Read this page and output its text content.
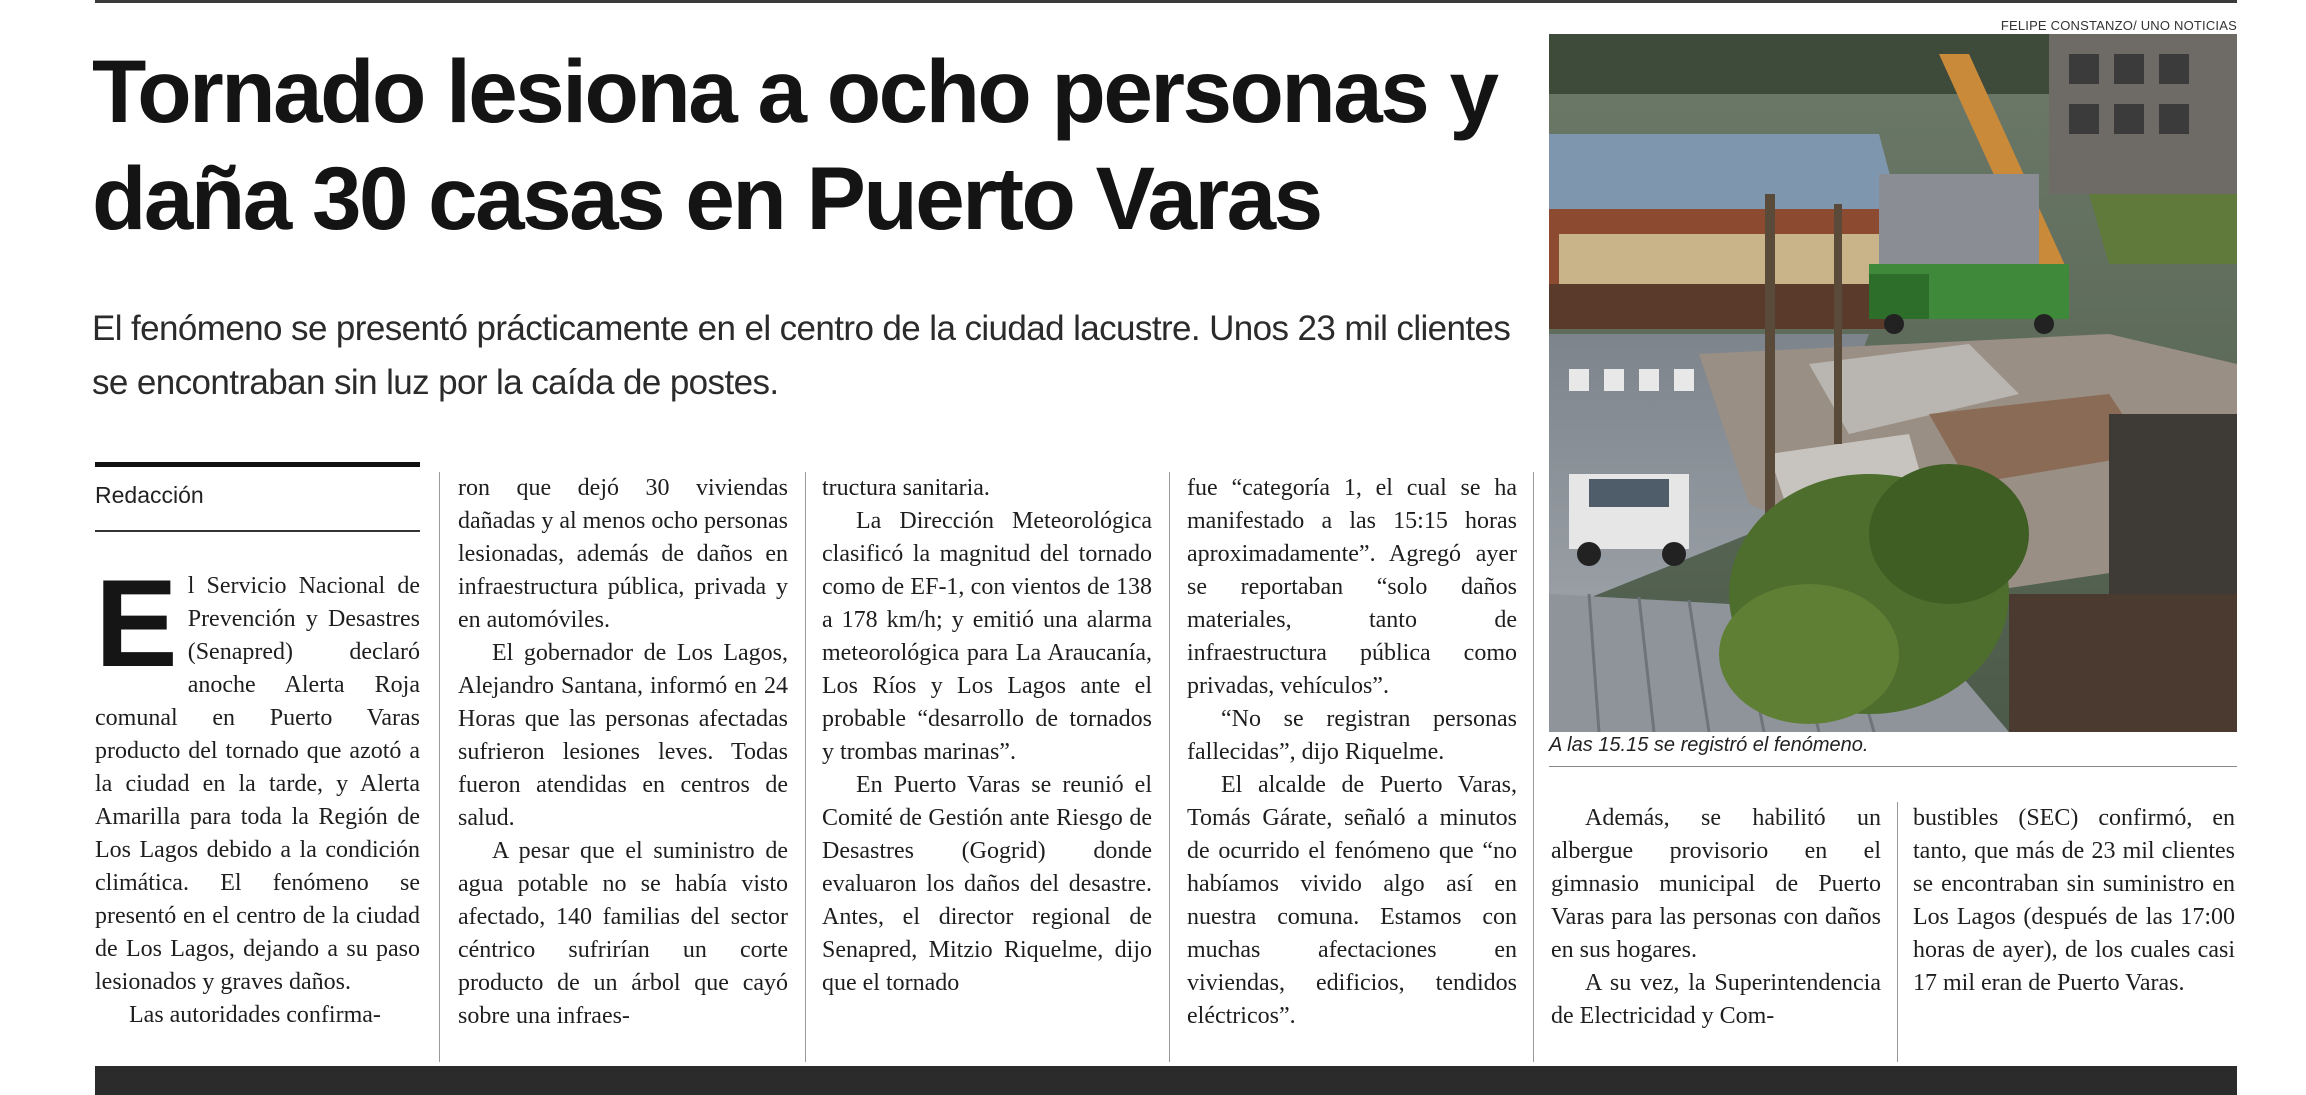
Tornado lesiona a ocho personas y daña 30 casas en Puerto Varas
El fenómeno se presentó prácticamente en el centro de la ciudad lacustre. Unos 23 mil clientes se encontraban sin luz por la caída de postes.
Redacción

El Servicio Nacional de Prevención y Desastres (Senapred) declaró anoche Alerta Roja comunal en Puerto Varas producto del tornado que azotó a la ciudad en la tarde, y Alerta Amarilla para toda la Región de Los Lagos debido a la condición climática. El fenómeno se presentó en el centro de la ciudad de Los Lagos, dejando a su paso lesionados y graves daños.

Las autoridades confirma-

ron que dejó 30 viviendas dañadas y al menos ocho personas lesionadas, además de daños en infraestructura pública, privada y en automóviles.

El gobernador de Los Lagos, Alejandro Santana, informó en 24 Horas que las personas afectadas sufrieron lesiones leves. Todas fueron atendidas en centros de salud.

A pesar que el suministro de agua potable no se había visto afectado, 140 familias del sector céntrico sufrirían un corte producto de un árbol que cayó sobre una infraes-

tructura sanitaria.

La Dirección Meteorológica clasificó la magnitud del tornado como de EF-1, con vientos de 138 a 178 km/h; y emitió una alarma meteorológica para La Araucanía, Los Ríos y Los Lagos ante el probable “desarrollo de tornados y trombas marinas”.

En Puerto Varas se reunió el Comité de Gestión ante Riesgo de Desastres (Gogrid) donde evaluaron los daños del desastre. Antes, el director regional de Senapred, Mitzio Riquelme, dijo que el tornado

fue “categoría 1, el cual se ha manifestado a las 15:15 horas aproximadamente”. Agregó ayer se reportaban “solo daños materiales, tanto de infraestructura pública como privadas, vehículos”.

“No se registran personas fallecidas”, dijo Riquelme.

El alcalde de Puerto Varas, Tomás Gárate, señaló a minutos de ocurrido el fenómeno que “no habíamos vivido algo así en nuestra comuna. Estamos con muchas afectaciones en viviendas, edificios, tendidos eléctricos”.

FELIPE CONSTANZO/ UNO NOTICIAS
A las 15.15 se registró el fenómeno.

Además, se habilitó un albergue provisorio en el gimnasio municipal de Puerto Varas para las personas con daños en sus hogares.

A su vez, la Superintendencia de Electricidad y Com-

bustibles (SEC) confirmó, en tanto, que más de 23 mil clientes se encontraban sin suministro en Los Lagos (después de las 17:00 horas de ayer), de los cuales casi 17 mil eran de Puerto Varas.
